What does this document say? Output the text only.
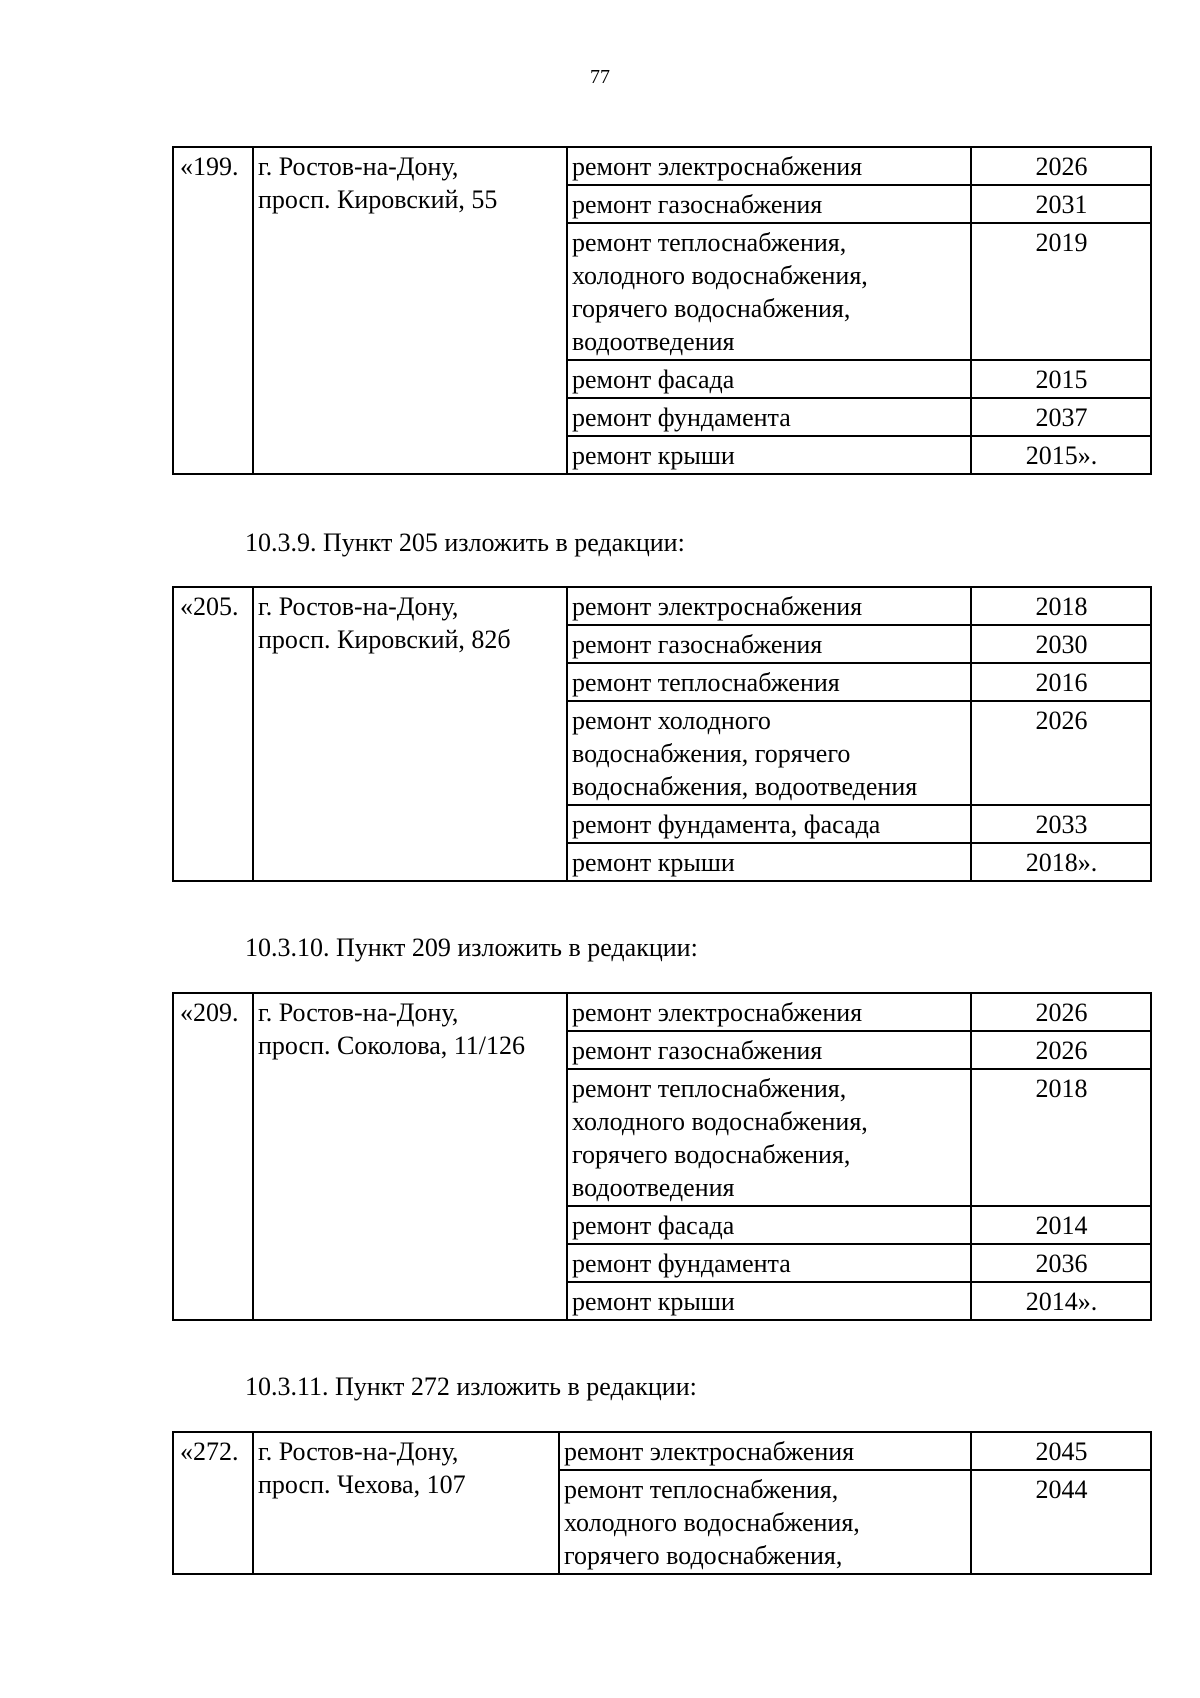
77
«199.	г. Ростов-на-Дону,
просп. Кировский, 55	ремонт электроснабжения	2026
		ремонт газоснабжения	2031
		ремонт теплоснабжения,
холодного водоснабжения,
горячего водоснабжения,
водоотведения	2019
		ремонт фасада	2015
		ремонт фундамента	2037
		ремонт крыши	2015».
10.3.9. Пункт 205 изложить в редакции:
«205.	г. Ростов-на-Дону,
просп. Кировский, 82б	ремонт электроснабжения	2018
		ремонт газоснабжения	2030
		ремонт теплоснабжения	2016
		ремонт холодного
водоснабжения, горячего
водоснабжения, водоотведения	2026
		ремонт фундамента, фасада	2033
		ремонт крыши	2018».
10.3.10. Пункт 209 изложить в редакции:
«209.	г. Ростов-на-Дону,
просп. Соколова, 11/126	ремонт электроснабжения	2026
		ремонт газоснабжения	2026
		ремонт теплоснабжения,
холодного водоснабжения,
горячего водоснабжения,
водоотведения	2018
		ремонт фасада	2014
		ремонт фундамента	2036
		ремонт крыши	2014».
10.3.11. Пункт 272 изложить в редакции:
«272.	г. Ростов-на-Дону,
просп. Чехова, 107	ремонт электроснабжения	2045
		ремонт теплоснабжения,
холодного водоснабжения,
горячего водоснабжения,	2044
